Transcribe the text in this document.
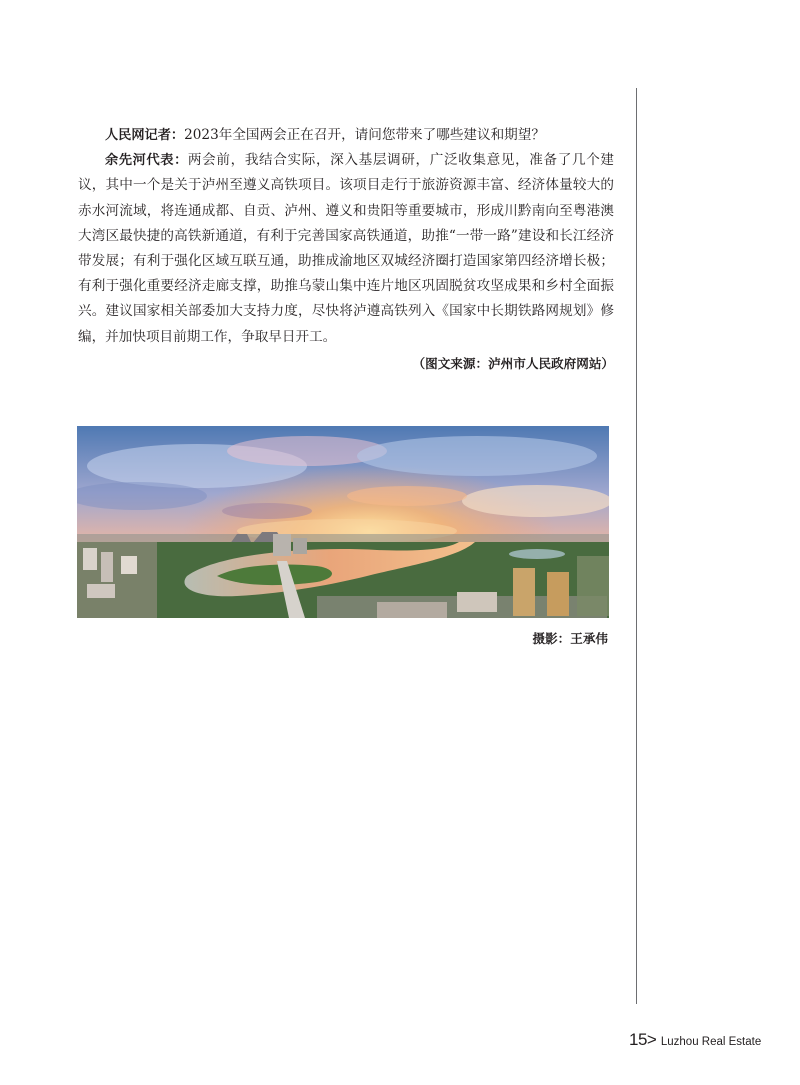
人民网记者：2023年全国两会正在召开，请问您带来了哪些建议和期望？

余先河代表：两会前，我结合实际，深入基层调研，广泛收集意见，准备了几个建议，其中一个是关于泸州至遵义高铁项目。该项目走行于旅游资源丰富、经济体量较大的赤水河流域，将连通成都、自贡、泸州、遵义和贵阳等重要城市，形成川黔南向至粤港澳大湾区最快捷的高铁新通道，有利于完善国家高铁通道，助推“一带一路”建设和长江经济带发展；有利于强化区域互联互通，助推成渝地区双城经济圈打造国家第四经济增长极；有利于强化重要经济走廊支撑，助推乌蒙山集中连片地区巩固脱贫攻坚成果和乡村全面振兴。建议国家相关部委加大支持力度，尽快将泸遵高铁列入《国家中长期铁路网规划》修编，并加快项目前期工作，争取早日开工。

（图文来源：泸州市人民政府网站）
摄影：王承伟
15> Luzhou Real Estate
